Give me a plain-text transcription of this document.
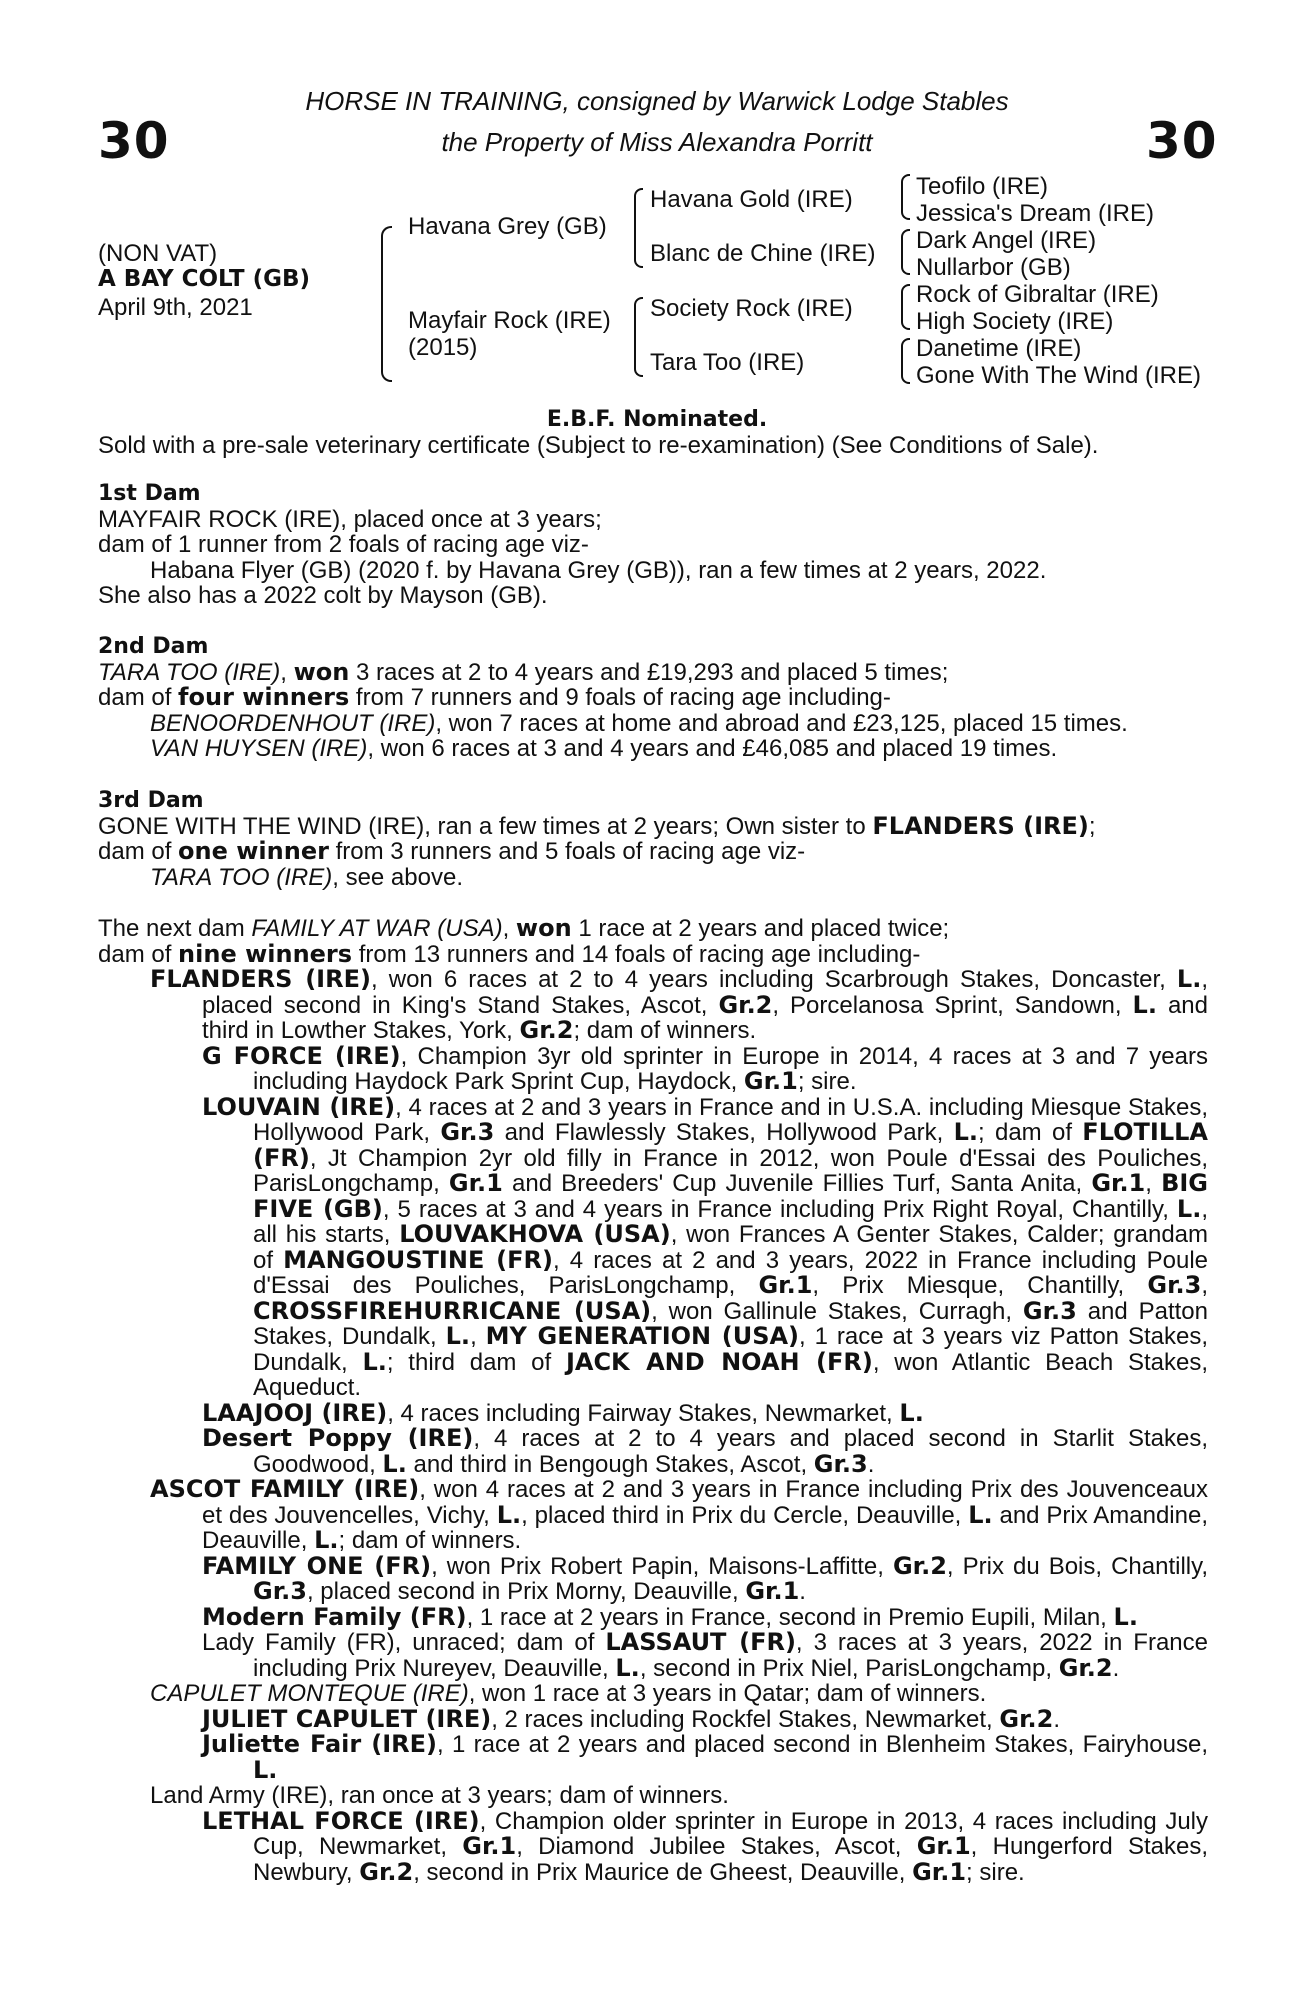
30	30
HORSE IN TRAINING, consigned by Warwick Lodge Stables
the Property of Miss Alexandra Porritt
(NON VAT)
A BAY COLT (GB)
April 9th, 2021
Havana Grey (GB)
Mayfair Rock (IRE)
(2015)
Havana Gold (IRE)
Blanc de Chine (IRE)
Society Rock (IRE)
Tara Too (IRE)
Teofilo (IRE)
Jessica's Dream (IRE)
Dark Angel (IRE)
Nullarbor (GB)
Rock of Gibraltar (IRE)
High Society (IRE)
Danetime (IRE)
Gone With The Wind (IRE)
E.B.F. Nominated.
Sold with a pre-sale veterinary certificate (Subject to re-examination) (See Conditions of Sale).
1st Dam
MAYFAIR ROCK (IRE), placed once at 3 years;
dam of 1 runner from 2 foals of racing age viz-
Habana Flyer (GB) (2020 f. by Havana Grey (GB)), ran a few times at 2 years, 2022.
She also has a 2022 colt by Mayson (GB).
2nd Dam
TARA TOO (IRE), won 3 races at 2 to 4 years and £19,293 and placed 5 times;
dam of four winners from 7 runners and 9 foals of racing age including-
BENOORDENHOUT (IRE), won 7 races at home and abroad and £23,125, placed 15 times.
VAN HUYSEN (IRE), won 6 races at 3 and 4 years and £46,085 and placed 19 times.
3rd Dam
GONE WITH THE WIND (IRE), ran a few times at 2 years; Own sister to FLANDERS (IRE);
dam of one winner from 3 runners and 5 foals of racing age viz-
TARA TOO (IRE), see above.
The next dam FAMILY AT WAR (USA), won 1 race at 2 years and placed twice;
dam of nine winners from 13 runners and 14 foals of racing age including-
FLANDERS (IRE), won 6 races at 2 to 4 years including Scarbrough Stakes, Doncaster, L., placed second in King's Stand Stakes, Ascot, Gr.2, Porcelanosa Sprint, Sandown, L. and third in Lowther Stakes, York, Gr.2; dam of winners.
G FORCE (IRE), Champion 3yr old sprinter in Europe in 2014, 4 races at 3 and 7 years including Haydock Park Sprint Cup, Haydock, Gr.1; sire.
LOUVAIN (IRE), 4 races at 2 and 3 years in France and in U.S.A. including Miesque Stakes, Hollywood Park, Gr.3 and Flawlessly Stakes, Hollywood Park, L.; dam of FLOTILLA (FR), Jt Champion 2yr old filly in France in 2012, won Poule d'Essai des Pouliches, ParisLongchamp, Gr.1 and Breeders' Cup Juvenile Fillies Turf, Santa Anita, Gr.1, BIG FIVE (GB), 5 races at 3 and 4 years in France including Prix Right Royal, Chantilly, L., all his starts, LOUVAKHOVA (USA), won Frances A Genter Stakes, Calder; grandam of MANGOUSTINE (FR), 4 races at 2 and 3 years, 2022 in France including Poule d'Essai des Pouliches, ParisLongchamp, Gr.1, Prix Miesque, Chantilly, Gr.3, CROSSFIREHURRICANE (USA), won Gallinule Stakes, Curragh, Gr.3 and Patton Stakes, Dundalk, L., MY GENERATION (USA), 1 race at 3 years viz Patton Stakes, Dundalk, L.; third dam of JACK AND NOAH (FR), won Atlantic Beach Stakes, Aqueduct.
LAAJOOJ (IRE), 4 races including Fairway Stakes, Newmarket, L.
Desert Poppy (IRE), 4 races at 2 to 4 years and placed second in Starlit Stakes, Goodwood, L. and third in Bengough Stakes, Ascot, Gr.3.
ASCOT FAMILY (IRE), won 4 races at 2 and 3 years in France including Prix des Jouvenceaux et des Jouvencelles, Vichy, L., placed third in Prix du Cercle, Deauville, L. and Prix Amandine, Deauville, L.; dam of winners.
FAMILY ONE (FR), won Prix Robert Papin, Maisons-Laffitte, Gr.2, Prix du Bois, Chantilly, Gr.3, placed second in Prix Morny, Deauville, Gr.1.
Modern Family (FR), 1 race at 2 years in France, second in Premio Eupili, Milan, L.
Lady Family (FR), unraced; dam of LASSAUT (FR), 3 races at 3 years, 2022 in France including Prix Nureyev, Deauville, L., second in Prix Niel, ParisLongchamp, Gr.2.
CAPULET MONTEQUE (IRE), won 1 race at 3 years in Qatar; dam of winners.
JULIET CAPULET (IRE), 2 races including Rockfel Stakes, Newmarket, Gr.2.
Juliette Fair (IRE), 1 race at 2 years and placed second in Blenheim Stakes, Fairyhouse, L.
Land Army (IRE), ran once at 3 years; dam of winners.
LETHAL FORCE (IRE), Champion older sprinter in Europe in 2013, 4 races including July Cup, Newmarket, Gr.1, Diamond Jubilee Stakes, Ascot, Gr.1, Hungerford Stakes, Newbury, Gr.2, second in Prix Maurice de Gheest, Deauville, Gr.1; sire.
